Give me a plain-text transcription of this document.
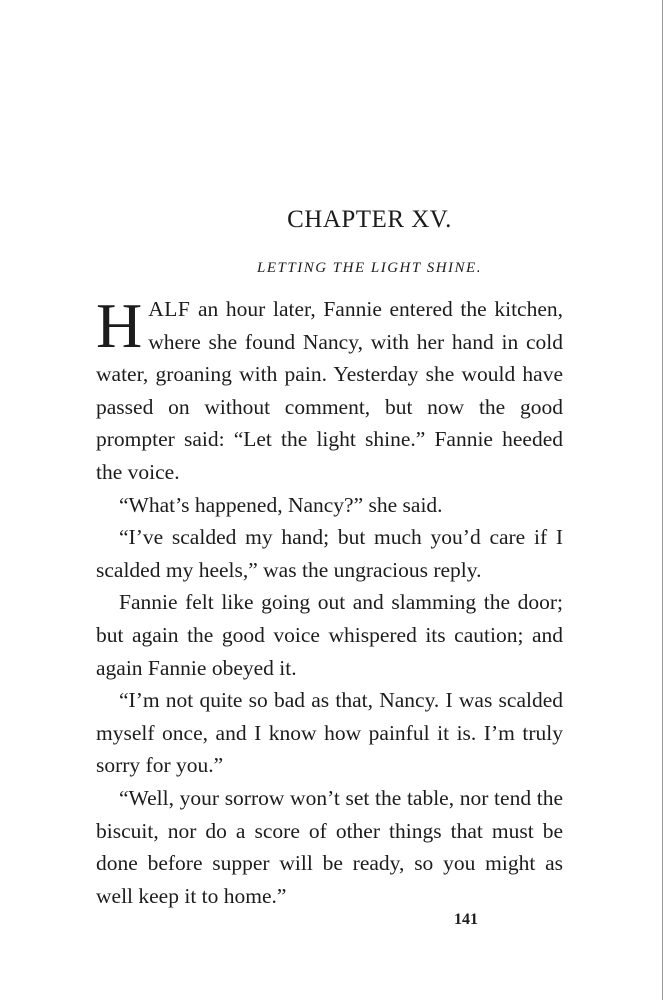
CHAPTER XV.
LETTING THE LIGHT SHINE.

HALF an hour later, Fannie entered the kitchen, where she found Nancy, with her hand in cold water, groaning with pain. Yesterday she would have passed on without comment, but now the good prompter said: “Let the light shine.” Fannie heeded the voice.

“What’s happened, Nancy?” she said.

“I’ve scalded my hand; but much you’d care if I scalded my heels,” was the ungracious reply.

Fannie felt like going out and slamming the door; but again the good voice whispered its caution; and again Fannie obeyed it.

“I’m not quite so bad as that, Nancy. I was scalded myself once, and I know how painful it is. I’m truly sorry for you.”

“Well, your sorrow won’t set the table, nor tend the biscuit, nor do a score of other things that must be done before supper will be ready, so you might as well keep it to home.”

141
